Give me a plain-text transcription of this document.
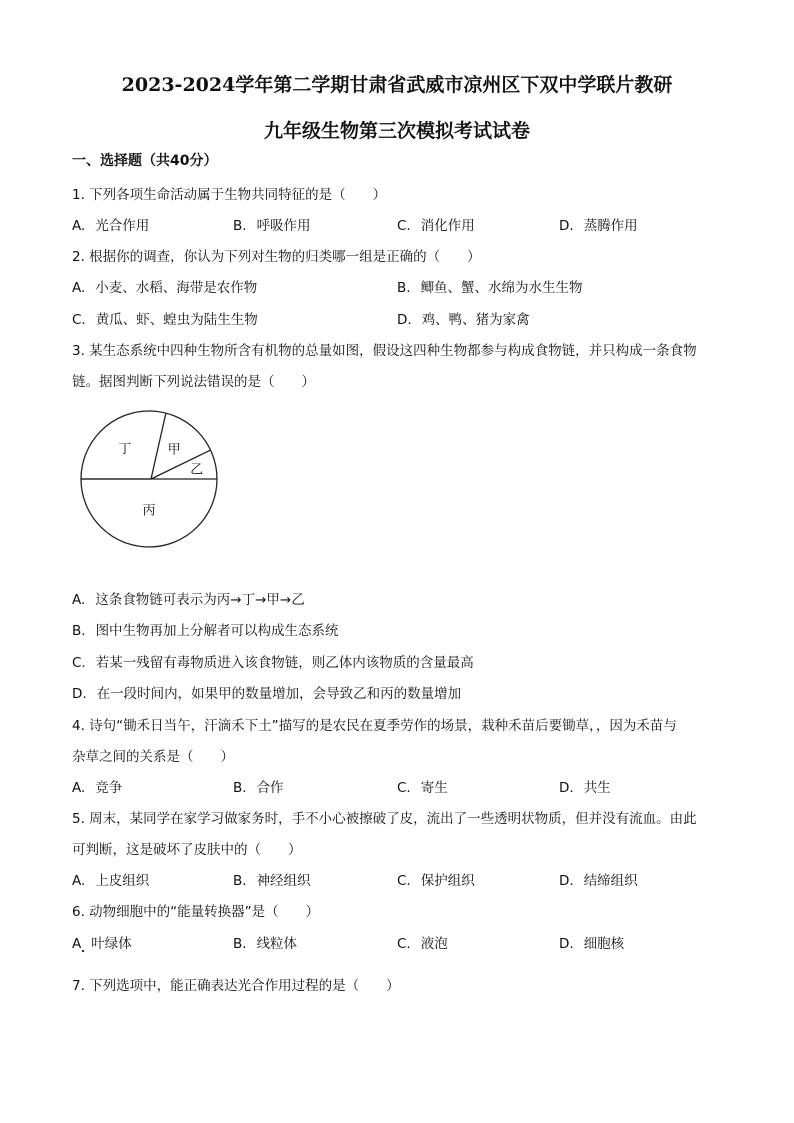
2023-2024学年第二学期甘肃省武威市凉州区下双中学联片教研
九年级生物第三次模拟考试试卷
一、选择题（共40分）
1. 下列各项生命活动属于生物共同特征的是（　　）
A. 光合作用	B. 呼吸作用	C. 消化作用	D. 蒸腾作用
2. 根据你的调查，你认为下列对生物的归类哪一组是正确的（　　）
A. 小麦、水稻、海带是农作物	B. 鲫鱼、蟹、水绵为水生生物
C. 黄瓜、虾、蝗虫为陆生生物	D. 鸡、鸭、猪为家禽
3. 某生态系统中四种生物所含有机物的总量如图，假设这四种生物都参与构成食物链，并只构成一条食物
链。据图判断下列说法错误的是（　　）
丙
丁	甲
乙
A. 这条食物链可表示为丙→丁→甲→乙
B. 图中生物再加上分解者可以构成生态系统
C. 若某一残留有毒物质进入该食物链，则乙体内该物质的含量最高
D. 在一段时间内，如果甲的数量增加，会导致乙和丙的数量增加
4. 诗句“锄禾日当午，汗滴禾下土”描写的是农民在夏季劳作的场景，栽种禾苗后要锄草，，因为禾苗与
杂草之间的关系是（　　）
A. 竞争	B. 合作	C. 寄生	D. 共生
5. 周末，某同学在家学习做家务时，手不小心被擦破了皮，流出了一些透明状物质，但并没有流血。由此
可判断，这是破坏了皮肤中的（　　）
A. 上皮组织	B. 神经组织	C. 保护组织	D. 结缔组织
6. 动物细胞中的“能量转换器”是（　　）
A 叶绿体	B. 线粒体	C. 液泡	D. 细胞核
7. 下列选项中，能正确表达光合作用过程的是（　　）
